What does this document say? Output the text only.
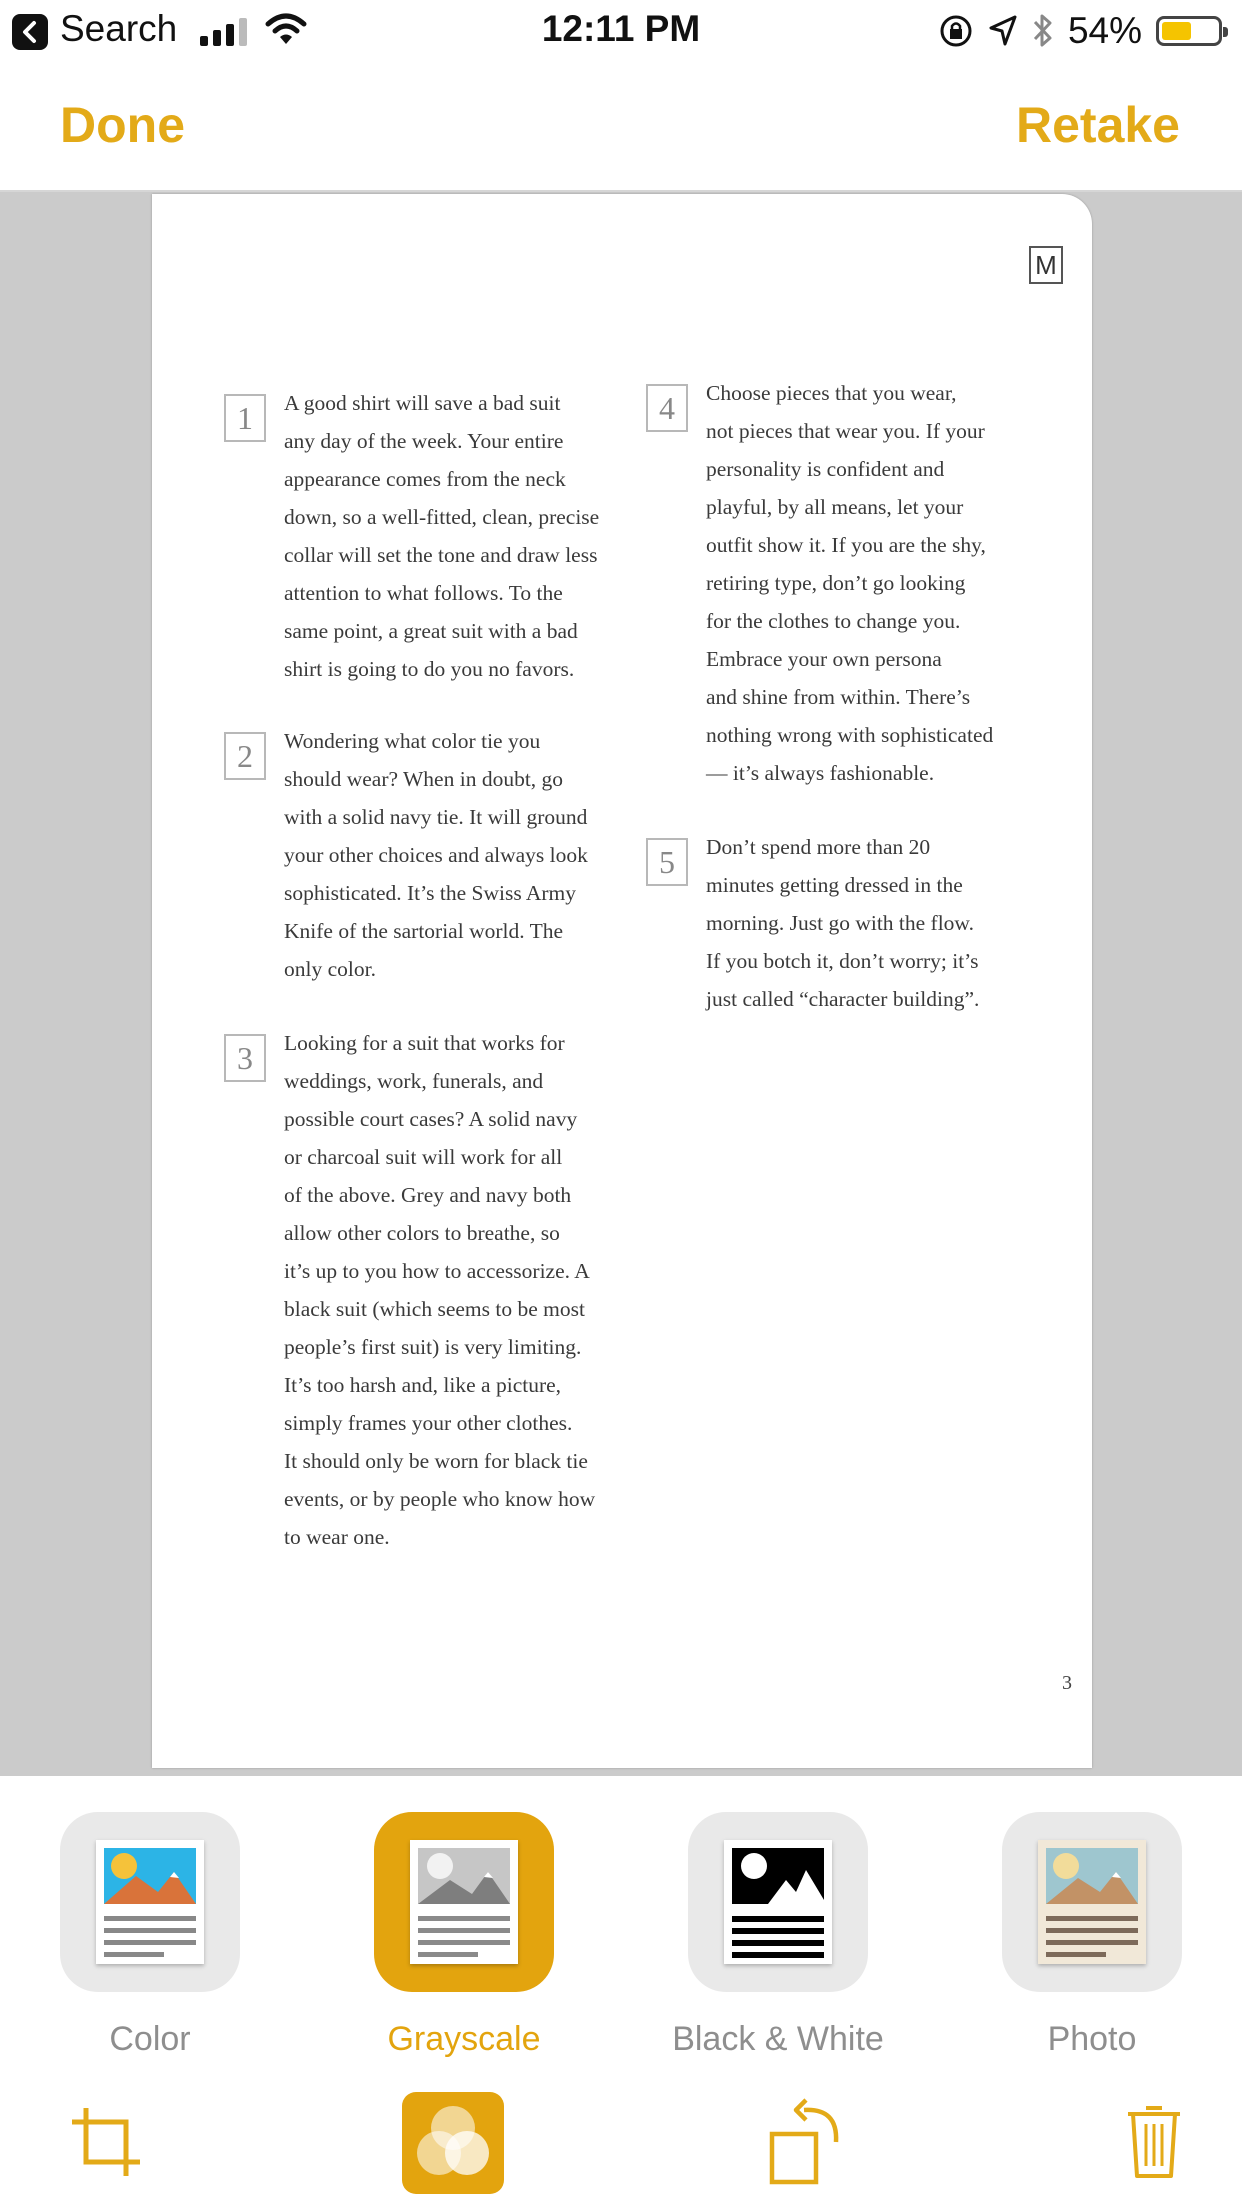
Search	12:11 PM	54%
Done	Retake
M
1	A good shirt will save a bad suit
any day of the week. Your entire
appearance comes from the neck
down, so a well-fitted, clean, precise
collar will set the tone and draw less
attention to what follows. To the
same point, a great suit with a bad
shirt is going to do you no favors.
2	Wondering what color tie you
should wear? When in doubt, go
with a solid navy tie. It will ground
your other choices and always look
sophisticated. It’s the Swiss Army
Knife of the sartorial world. The
only color.
3	Looking for a suit that works for
weddings, work, funerals, and
possible court cases? A solid navy
or charcoal suit will work for all
of the above. Grey and navy both
allow other colors to breathe, so
it’s up to you how to accessorize. A
black suit (which seems to be most
people’s first suit) is very limiting.
It’s too harsh and, like a picture,
simply frames your other clothes.
It should only be worn for black tie
events, or by people who know how
to wear one.
4	Choose pieces that you wear,
not pieces that wear you. If your
personality is confident and
playful, by all means, let your
outfit show it. If you are the shy,
retiring type, don’t go looking
for the clothes to change you.
Embrace your own persona
and shine from within. There’s
nothing wrong with sophisticated
— it’s always fashionable.
5	Don’t spend more than 20
minutes getting dressed in the
morning. Just go with the flow.
If you botch it, don’t worry; it’s
just called “character building”.
3
Color	Grayscale	Black & White	Photo
